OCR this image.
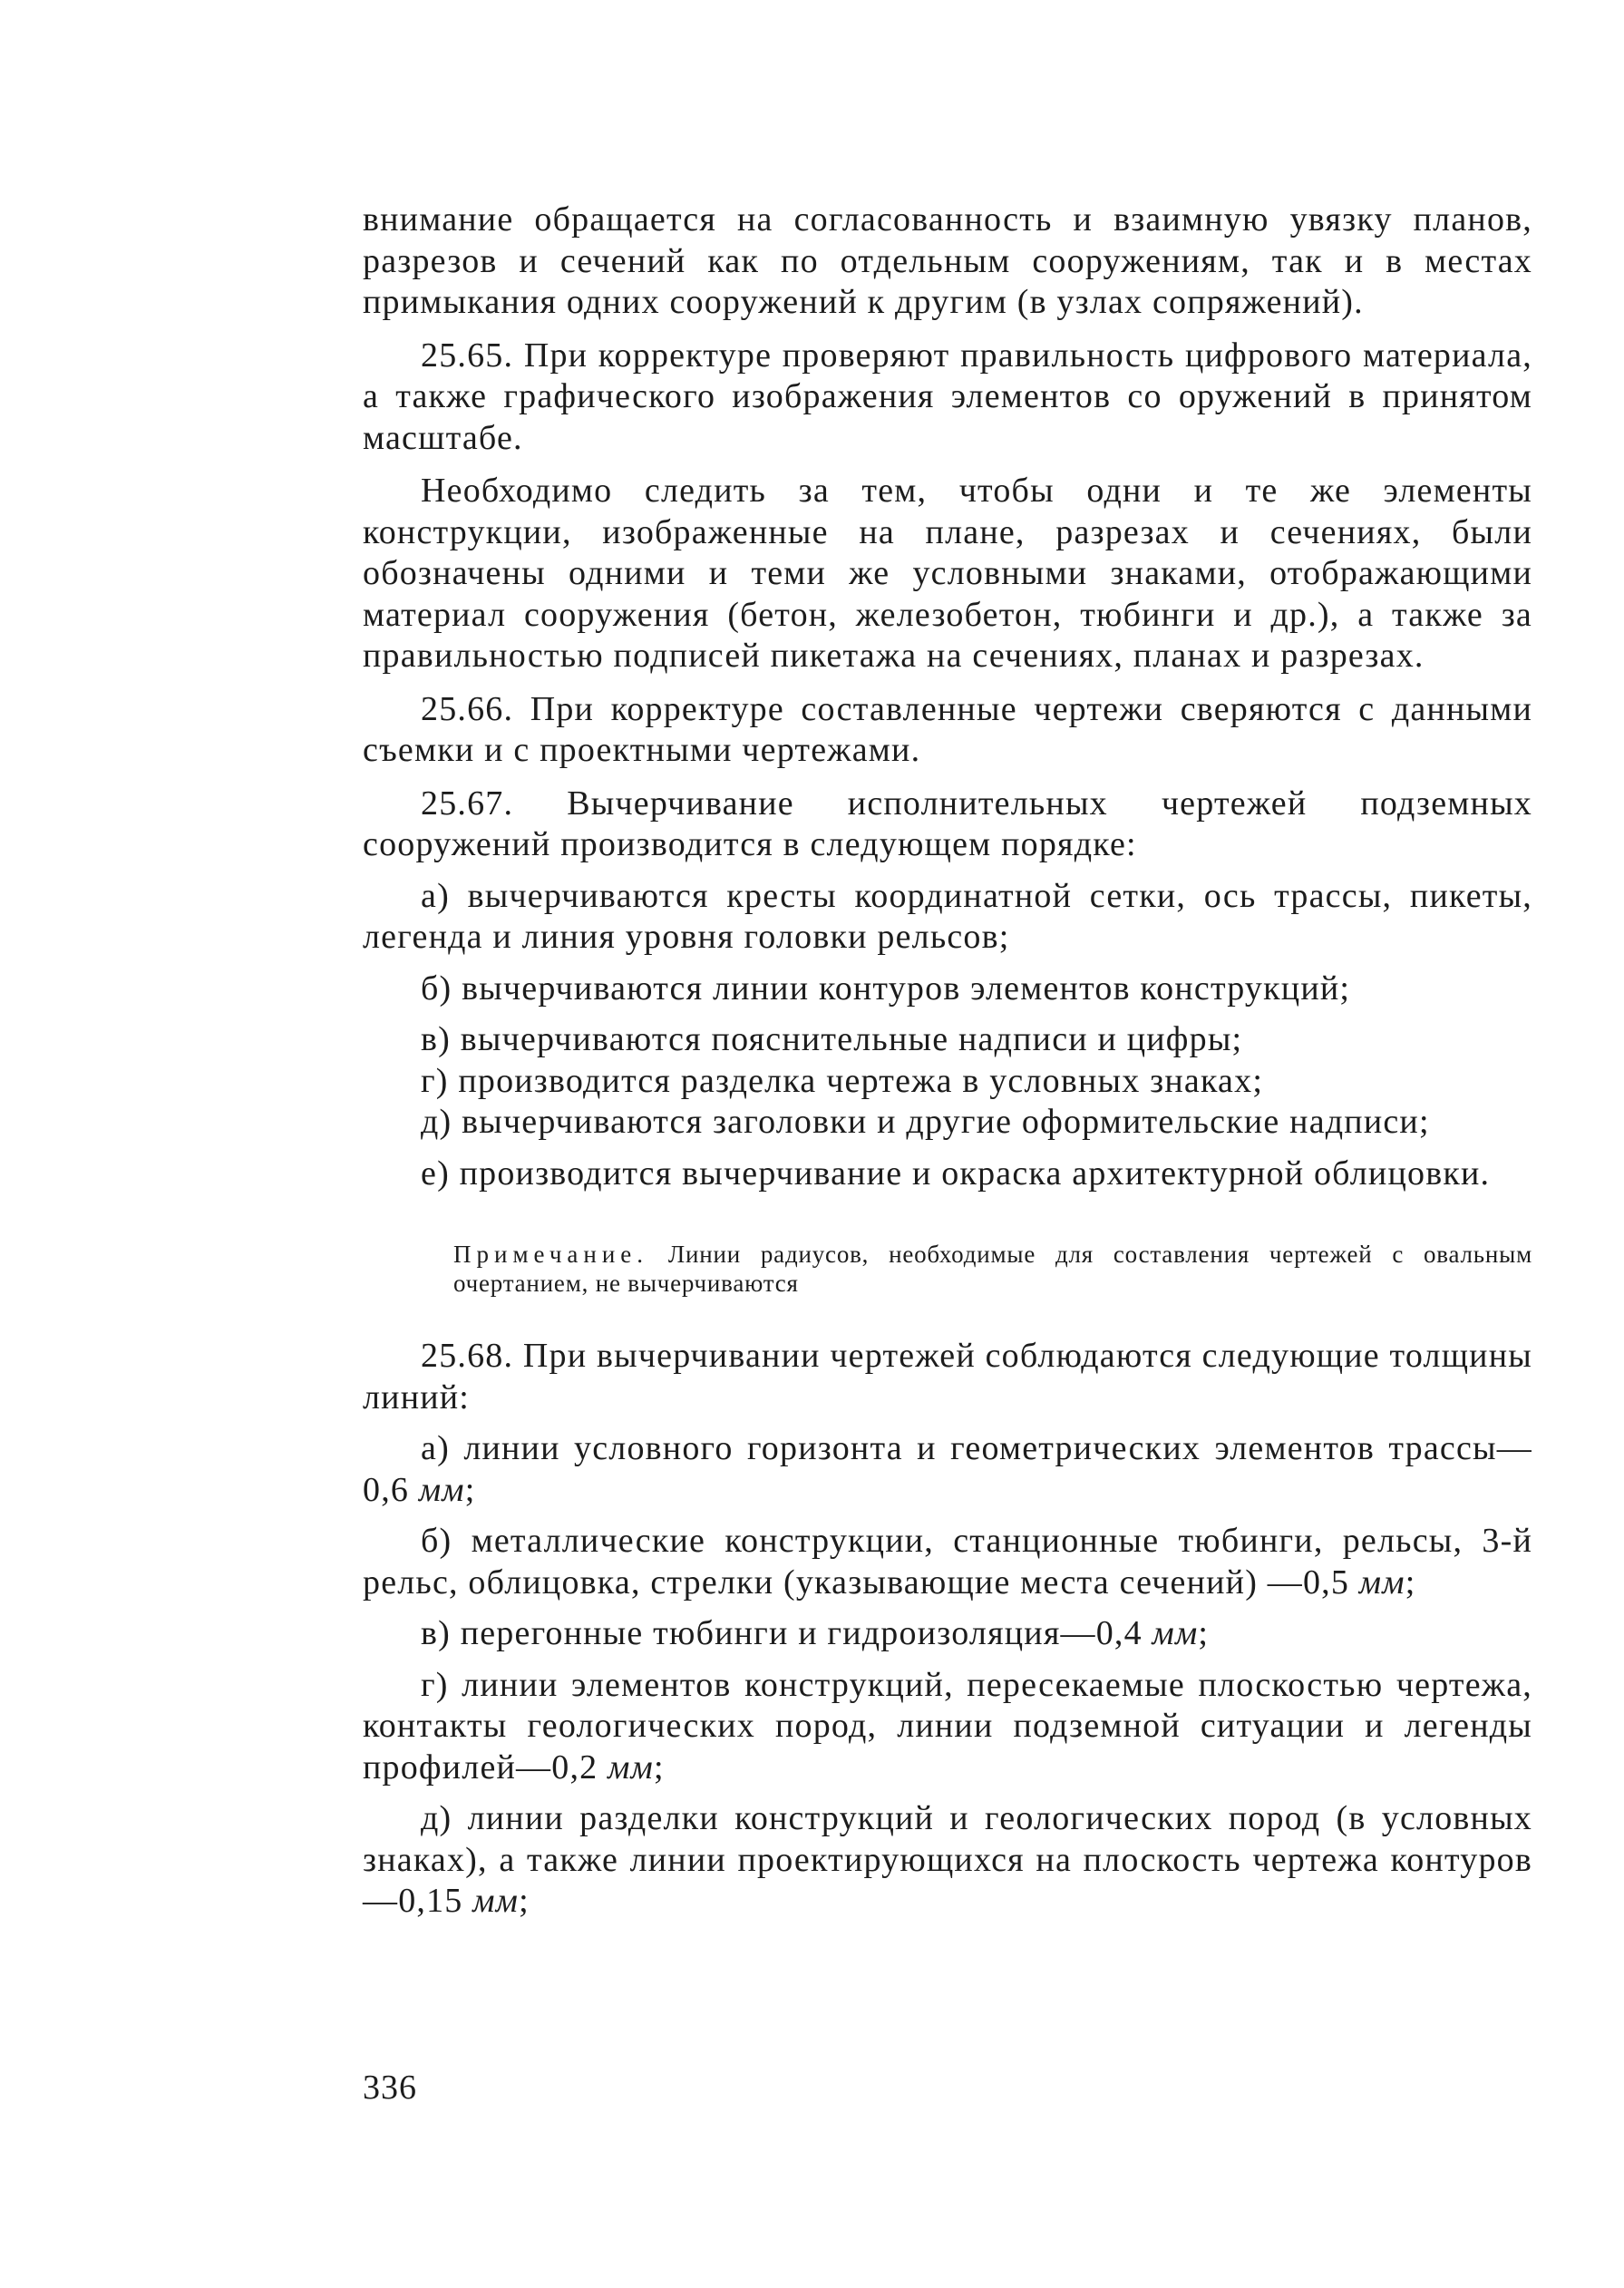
внимание обращается на согласованность и взаимную увязку планов, разрезов и сечений как по отдельным сооружениям, так и в местах примыкания одних сооружений к другим (в узлах сопряжений).

25.65. При корректуре проверяют правильность цифрового материала, а также графического изображения элементов со оружений в принятом масштабе.

Необходимо следить за тем, чтобы одни и те же элементы конструкции, изображенные на плане, разрезах и сечениях, были обозначены одними и теми же условными знаками, отображающими материал сооружения (бетон, железобетон, тюбинги и др.), а также за правильностью подписей пикетажа на сечениях, планах и разрезах.

25.66. При корректуре составленные чертежи сверяются с данными съемки и с проектными чертежами.

25.67. Вычерчивание исполнительных чертежей подземных сооружений производится в следующем порядке:

а) вычерчиваются кресты координатной сетки, ось трассы, пикеты, легенда и линия уровня головки рельсов;

б) вычерчиваются линии контуров элементов конструкций;

в) вычерчиваются пояснительные надписи и цифры;

г) производится разделка чертежа в условных знаках;

д) вычерчиваются заголовки и другие оформительские надписи;

е) производится вычерчивание и окраска архитектурной облицовки.

Примечание. Линии радиусов, необходимые для составления чертежей с овальным очертанием, не вычерчиваются

25.68. При вычерчивании чертежей соблюдаются следующие толщины линий:

а) линии условного горизонта и геометрических элементов трассы—0,6 мм;

б) металлические конструкции, станционные тюбинги, рельсы, 3-й рельс, облицовка, стрелки (указывающие места сечений) —0,5 мм;

в) перегонные тюбинги и гидроизоляция—0,4 мм;

г) линии элементов конструкций, пересекаемые плоскостью чертежа, контакты геологических пород, линии подземной ситуации и легенды профилей—0,2 мм;

д) линии разделки конструкций и геологических пород (в условных знаках), а также линии проектирующихся на плоскость чертежа контуров—0,15 мм;

336
